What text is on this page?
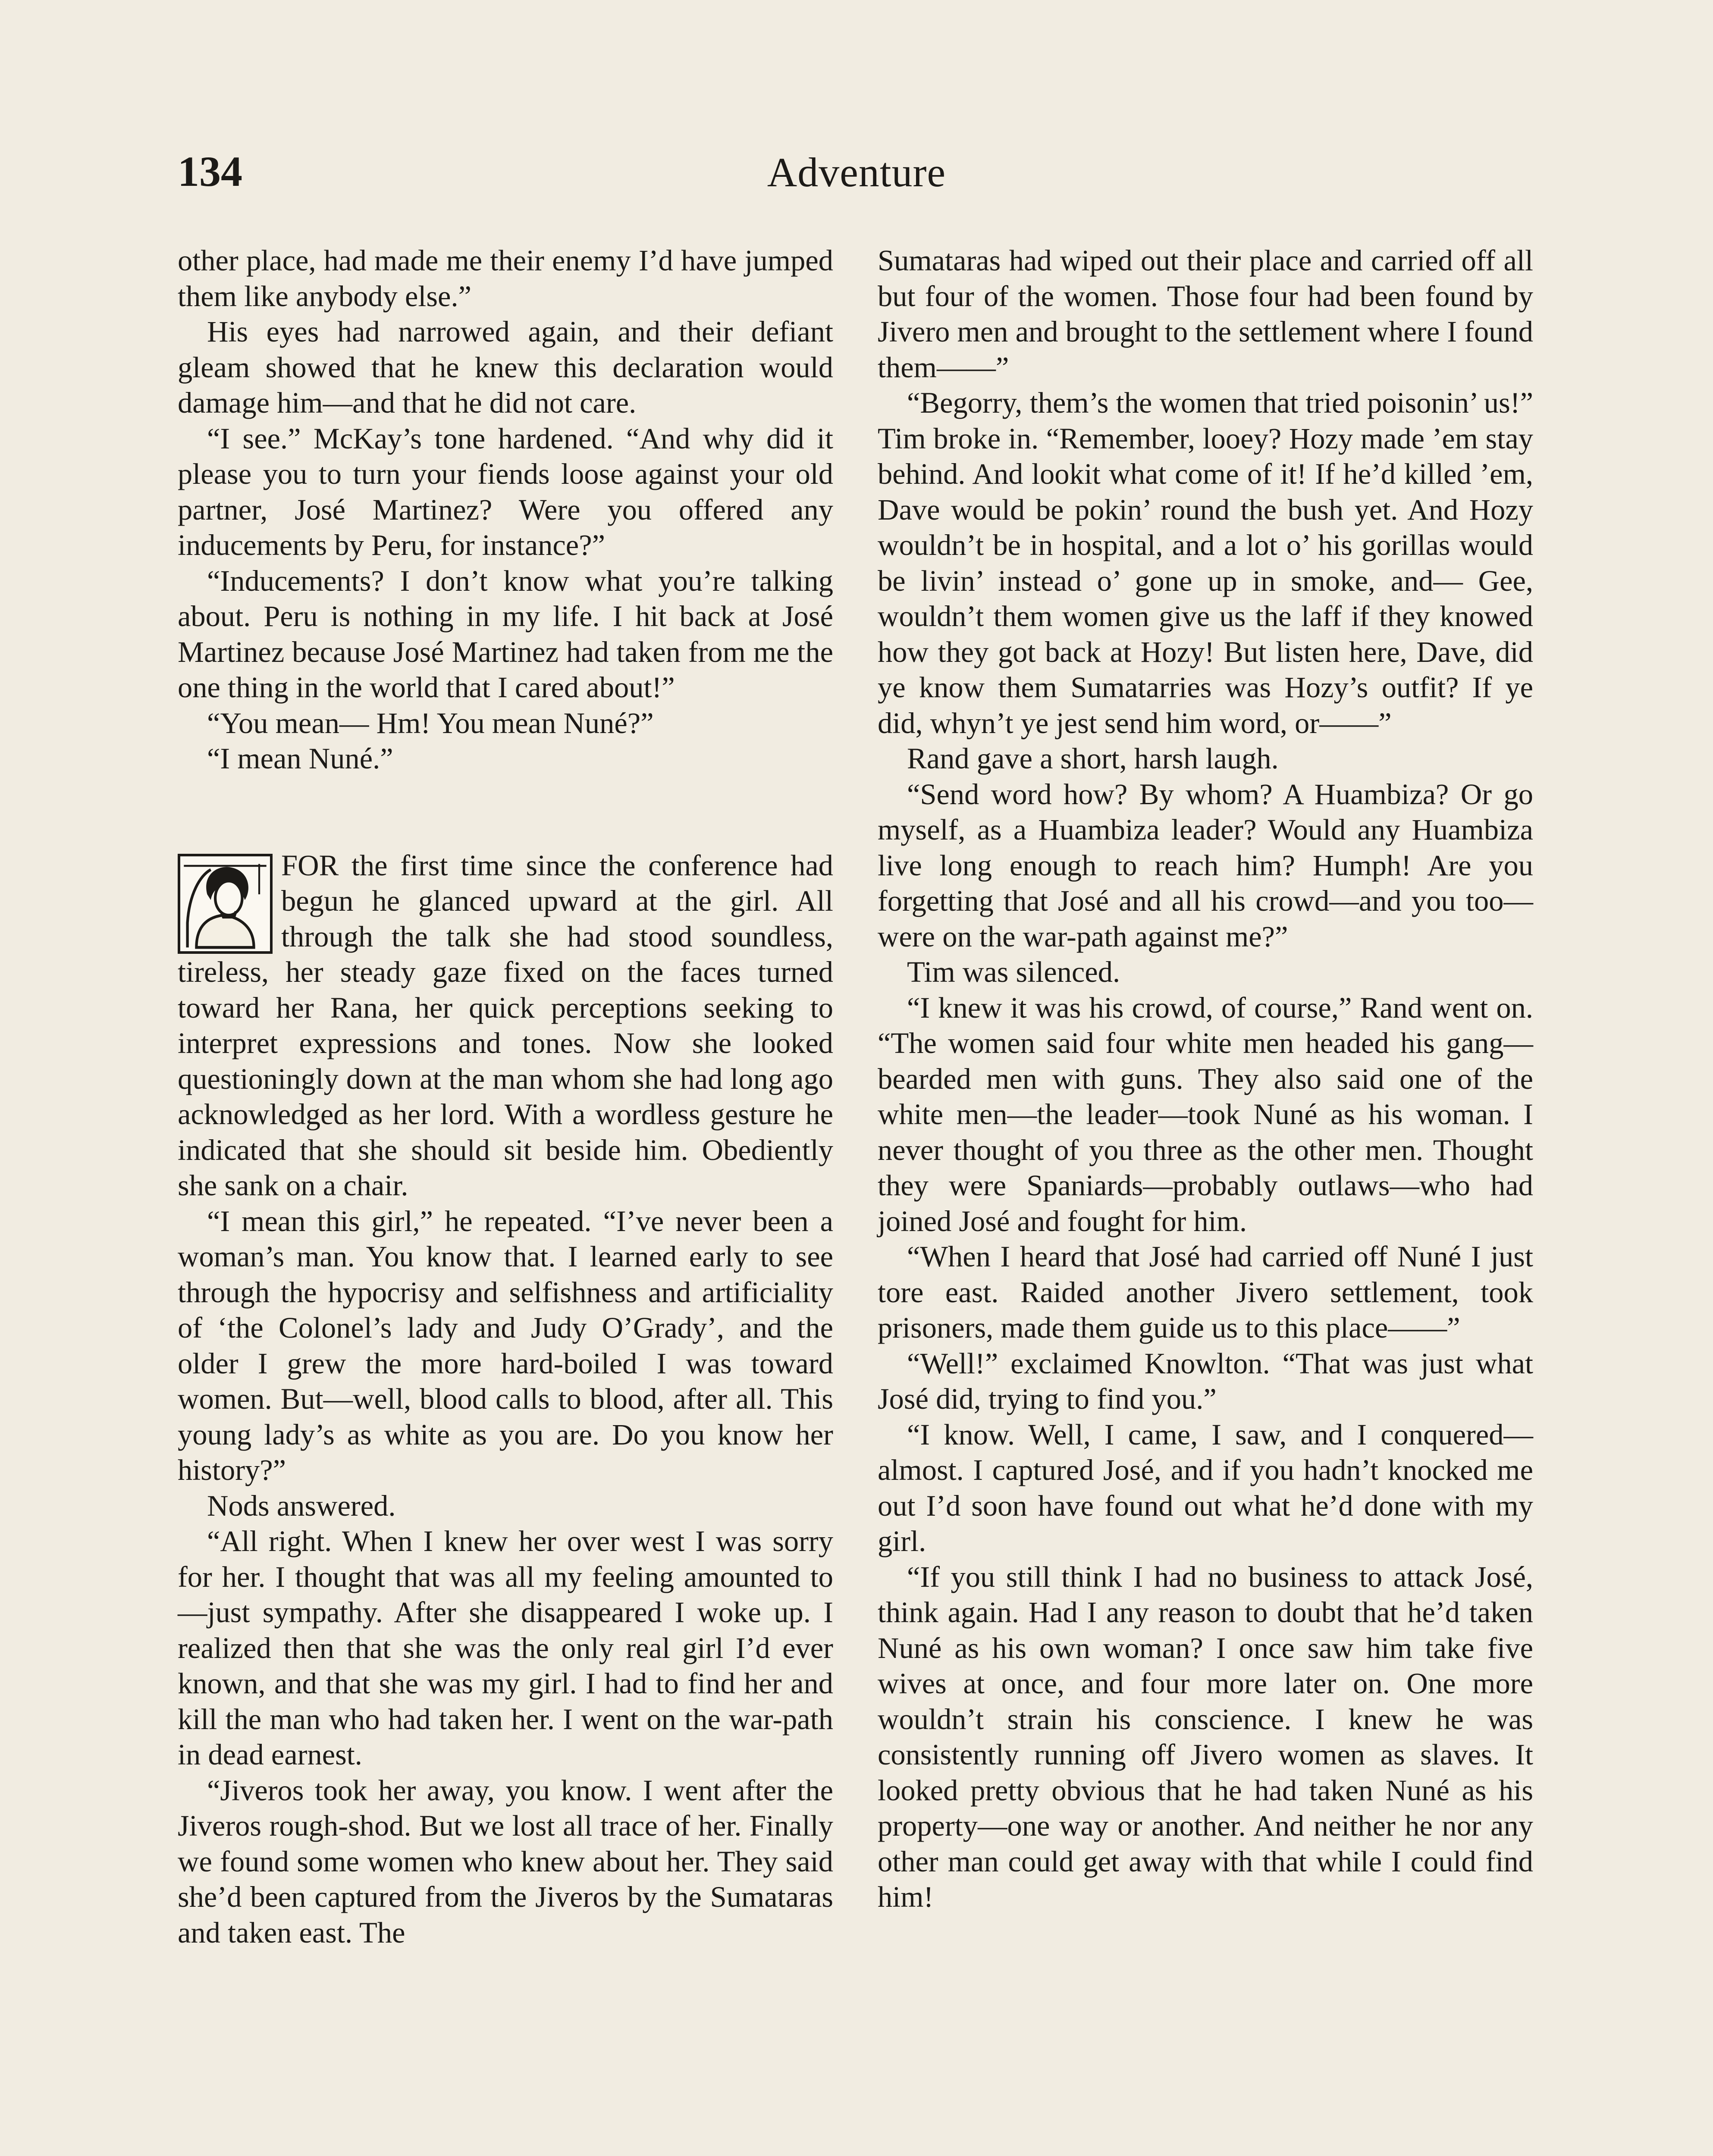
134	Adventure

other place, had made me their enemy I’d have jumped them like anybody else.”

His eyes had narrowed again, and their defiant gleam showed that he knew this declaration would damage him—and that he did not care.

“I see.” McKay’s tone hardened. “And why did it please you to turn your fiends loose against your old partner, José Martinez? Were you offered any inducements by Peru, for instance?”

“Inducements? I don’t know what you’re talking about. Peru is nothing in my life. I hit back at José Martinez because José Martinez had taken from me the one thing in the world that I cared about!”

“You mean— Hm! You mean Nuné?”

“I mean Nuné.”

FOR the first time since the conference had begun he glanced upward at the girl. All through the talk she had stood soundless, tireless, her steady gaze fixed on the faces turned toward her Rana, her quick perceptions seeking to interpret expressions and tones. Now she looked questioningly down at the man whom she had long ago acknowledged as her lord. With a wordless gesture he indicated that she should sit beside him. Obediently she sank on a chair.

“I mean this girl,” he repeated. “I’ve never been a woman’s man. You know that. I learned early to see through the hypocrisy and selfishness and artificiality of ‘the Colonel’s lady and Judy O’Grady’, and the older I grew the more hard-boiled I was toward women. But—well, blood calls to blood, after all. This young lady’s as white as you are. Do you know her history?”

Nods answered.

“All right. When I knew her over west I was sorry for her. I thought that was all my feeling amounted to—just sympathy. After she disappeared I woke up. I realized then that she was the only real girl I’d ever known, and that she was my girl. I had to find her and kill the man who had taken her. I went on the war-path in dead earnest.

“Jiveros took her away, you know. I went after the Jiveros rough-shod. But we lost all trace of her. Finally we found some women who knew about her. They said she’d been captured from the Jiveros by the Sumataras and taken east. The

Sumataras had wiped out their place and carried off all but four of the women. Those four had been found by Jivero men and brought to the settlement where I found them——”

“Begorry, them’s the women that tried poisonin’ us!” Tim broke in. “Remember, looey? Hozy made ’em stay behind. And lookit what come of it! If he’d killed ’em, Dave would be pokin’ round the bush yet. And Hozy wouldn’t be in hospital, and a lot o’ his gorillas would be livin’ instead o’ gone up in smoke, and— Gee, wouldn’t them women give us the laff if they knowed how they got back at Hozy! But listen here, Dave, did ye know them Sumatarries was Hozy’s outfit? If ye did, whyn’t ye jest send him word, or——”

Rand gave a short, harsh laugh.

“Send word how? By whom? A Huambiza? Or go myself, as a Huambiza leader? Would any Huambiza live long enough to reach him? Humph! Are you forgetting that José and all his crowd—and you too—were on the war-path against me?”

Tim was silenced.

“I knew it was his crowd, of course,” Rand went on. “The women said four white men headed his gang—bearded men with guns. They also said one of the white men—the leader—took Nuné as his woman. I never thought of you three as the other men. Thought they were Spaniards—probably outlaws—who had joined José and fought for him.

“When I heard that José had carried off Nuné I just tore east. Raided another Jivero settlement, took prisoners, made them guide us to this place——”

“Well!” exclaimed Knowlton. “That was just what José did, trying to find you.”

“I know. Well, I came, I saw, and I conquered—almost. I captured José, and if you hadn’t knocked me out I’d soon have found out what he’d done with my girl.

“If you still think I had no business to attack José, think again. Had I any reason to doubt that he’d taken Nuné as his own woman? I once saw him take five wives at once, and four more later on. One more wouldn’t strain his conscience. I knew he was consistently running off Jivero women as slaves. It looked pretty obvious that he had taken Nuné as his property—one way or another. And neither he nor any other man could get away with that while I could find him!
